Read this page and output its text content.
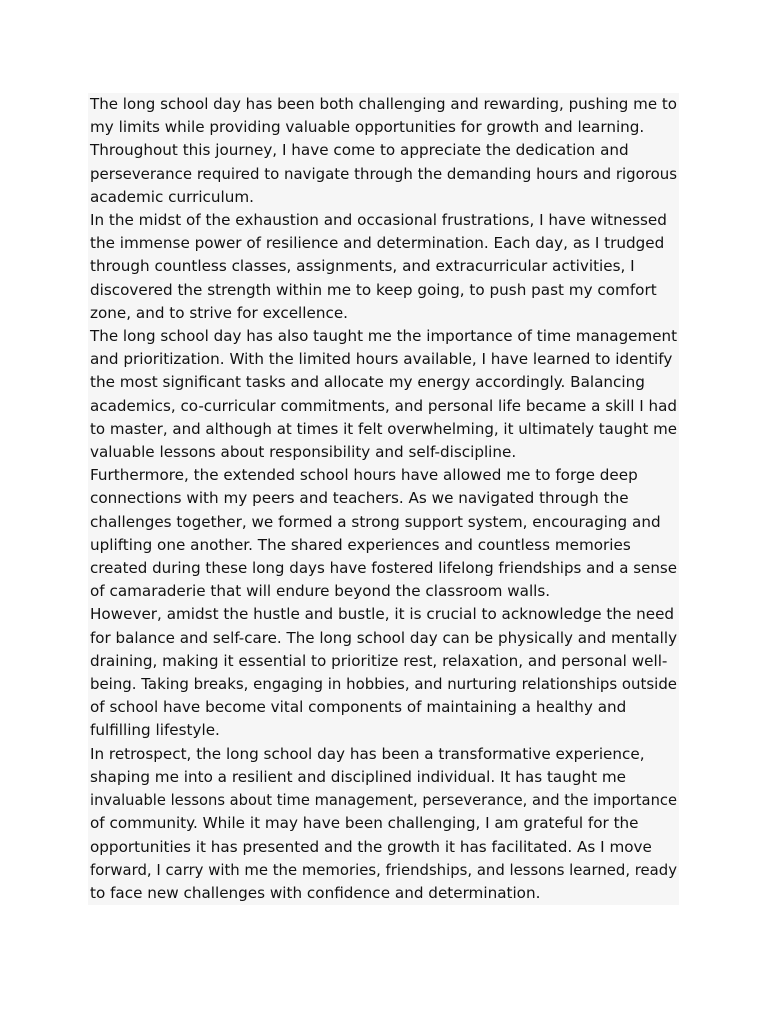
The long school day has been both challenging and rewarding, pushing me to
my limits while providing valuable opportunities for growth and learning.
Throughout this journey, I have come to appreciate the dedication and
perseverance required to navigate through the demanding hours and rigorous
academic curriculum.

In the midst of the exhaustion and occasional frustrations, I have witnessed
the immense power of resilience and determination. Each day, as I trudged
through countless classes, assignments, and extracurricular activities, I
discovered the strength within me to keep going, to push past my comfort
zone, and to strive for excellence.

The long school day has also taught me the importance of time management
and prioritization. With the limited hours available, I have learned to identify
the most significant tasks and allocate my energy accordingly. Balancing
academics, co-curricular commitments, and personal life became a skill I had
to master, and although at times it felt overwhelming, it ultimately taught me
valuable lessons about responsibility and self-discipline.

Furthermore, the extended school hours have allowed me to forge deep
connections with my peers and teachers. As we navigated through the
challenges together, we formed a strong support system, encouraging and
uplifting one another. The shared experiences and countless memories
created during these long days have fostered lifelong friendships and a sense
of camaraderie that will endure beyond the classroom walls.

However, amidst the hustle and bustle, it is crucial to acknowledge the need
for balance and self-care. The long school day can be physically and mentally
draining, making it essential to prioritize rest, relaxation, and personal well-
being. Taking breaks, engaging in hobbies, and nurturing relationships outside
of school have become vital components of maintaining a healthy and
fulfilling lifestyle.

In retrospect, the long school day has been a transformative experience,
shaping me into a resilient and disciplined individual. It has taught me
invaluable lessons about time management, perseverance, and the importance
of community. While it may have been challenging, I am grateful for the
opportunities it has presented and the growth it has facilitated. As I move
forward, I carry with me the memories, friendships, and lessons learned, ready
to face new challenges with confidence and determination.
